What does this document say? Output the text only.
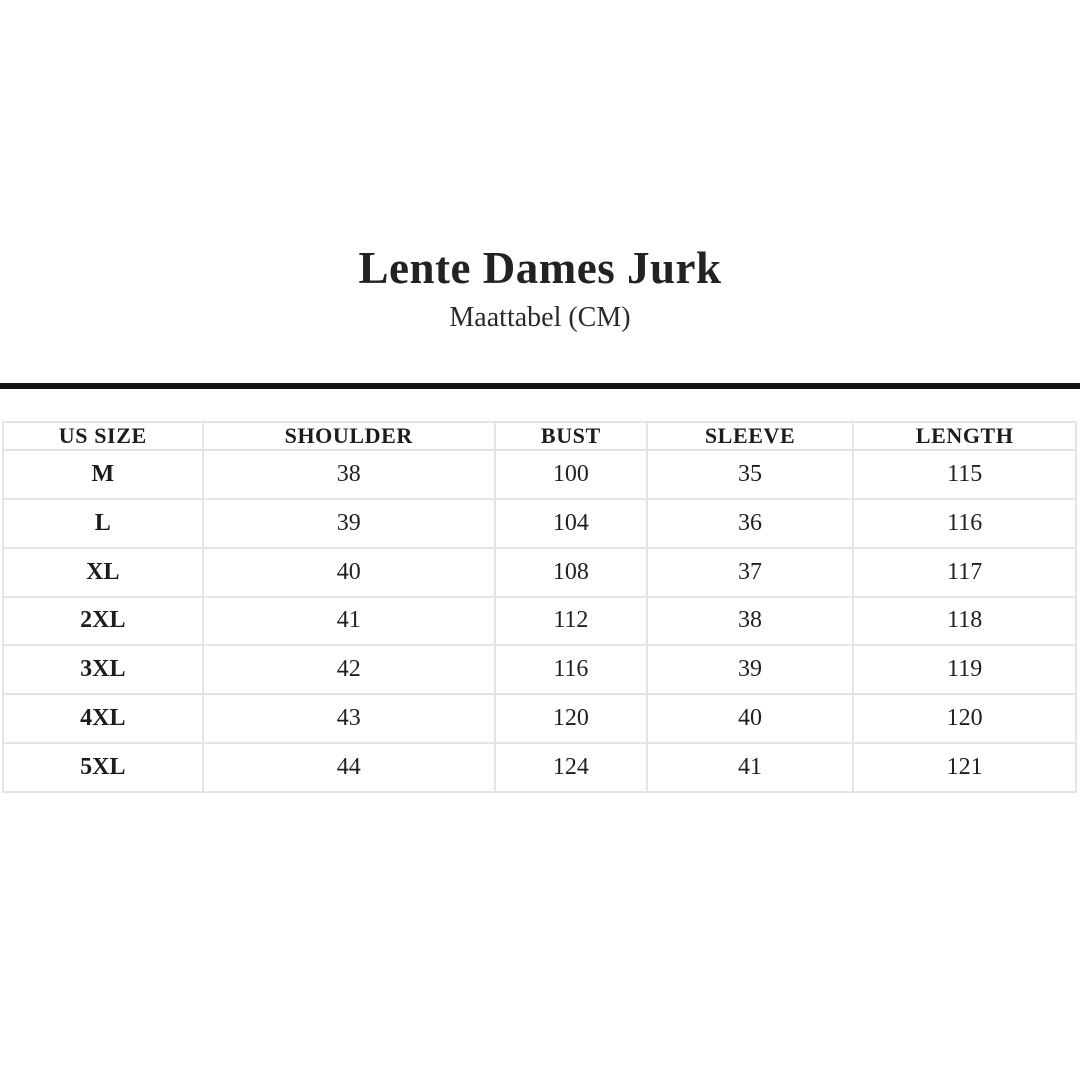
Lente Dames Jurk
Maattabel (CM)
US SIZE	SHOULDER	BUST	SLEEVE	LENGTH
M	38	100	35	115
L	39	104	36	116
XL	40	108	37	117
2XL	41	112	38	118
3XL	42	116	39	119
4XL	43	120	40	120
5XL	44	124	41	121
